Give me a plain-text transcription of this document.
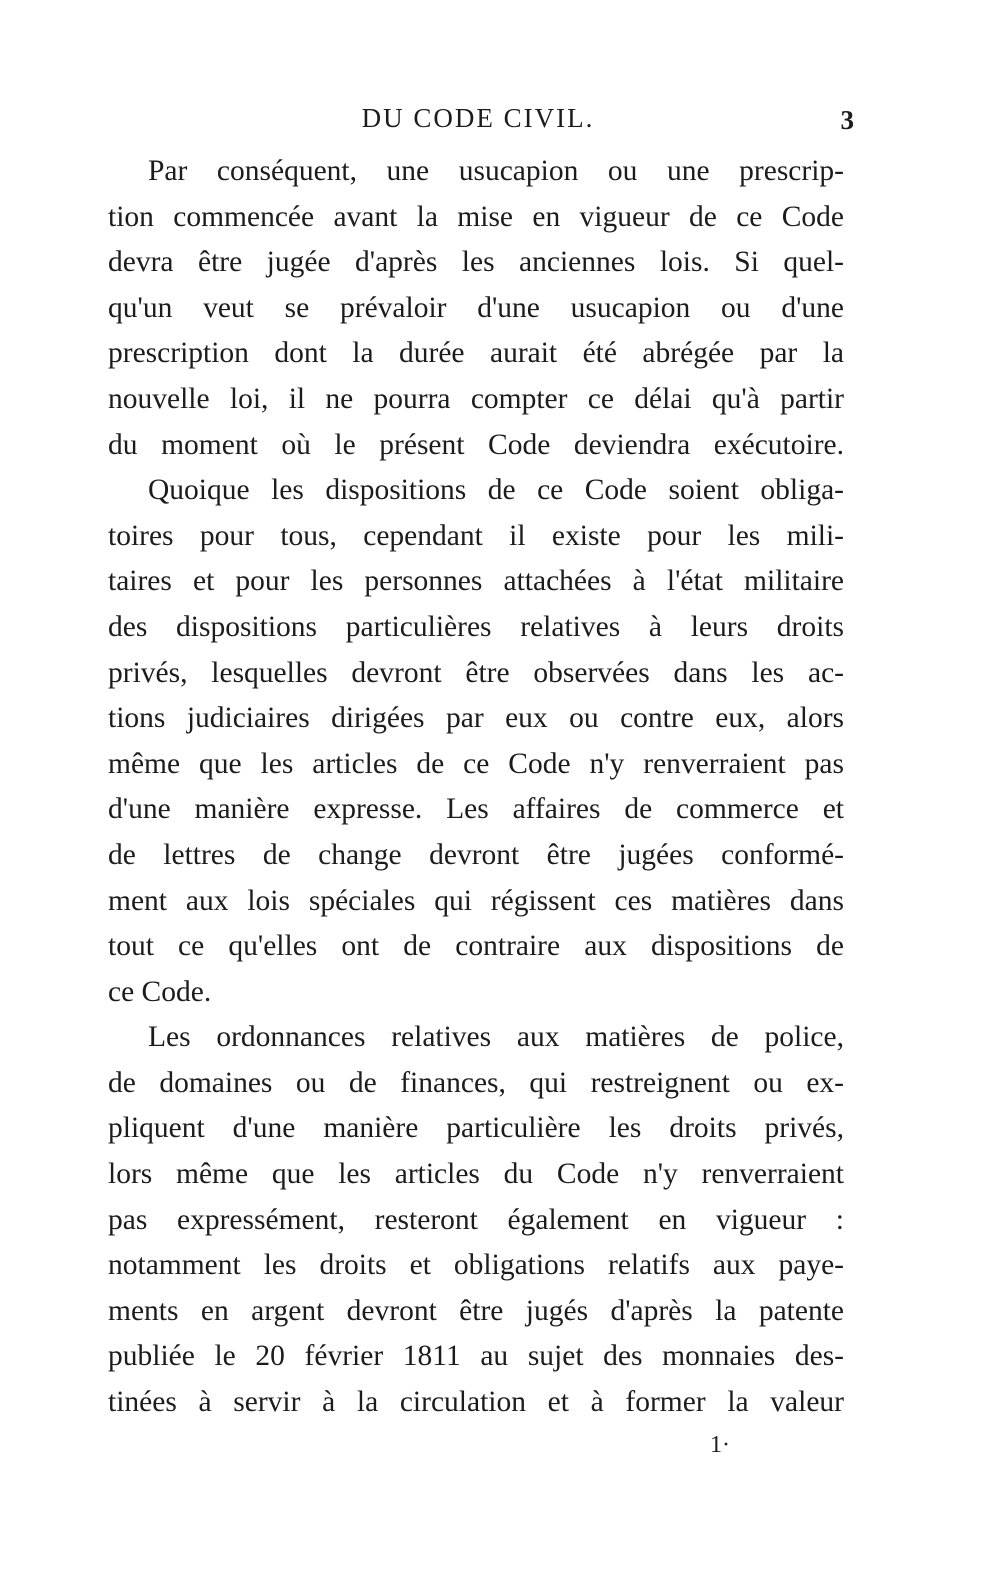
DU CODE CIVIL.	3
Par conséquent, une usucapion ou une prescrip-
tion commencée avant la mise en vigueur de ce Code
devra être jugée d'après les anciennes lois. Si quel-
qu'un veut se prévaloir d'une usucapion ou d'une
prescription dont la durée aurait été abrégée par la
nouvelle loi, il ne pourra compter ce délai qu'à partir
du moment où le présent Code deviendra exécutoire.
Quoique les dispositions de ce Code soient obliga-
toires pour tous, cependant il existe pour les mili-
taires et pour les personnes attachées à l'état militaire
des dispositions particulières relatives à leurs droits
privés, lesquelles devront être observées dans les ac-
tions judiciaires dirigées par eux ou contre eux, alors
même que les articles de ce Code n'y renverraient pas
d'une manière expresse. Les affaires de commerce et
de lettres de change devront être jugées conformé-
ment aux lois spéciales qui régissent ces matières dans
tout ce qu'elles ont de contraire aux dispositions de
ce Code.
Les ordonnances relatives aux matières de police,
de domaines ou de finances, qui restreignent ou ex-
pliquent d'une manière particulière les droits privés,
lors même que les articles du Code n'y renverraient
pas expressément, resteront également en vigueur :
notamment les droits et obligations relatifs aux paye-
ments en argent devront être jugés d'après la patente
publiée le 20 février 1811 au sujet des monnaies des-
tinées à servir à la circulation et à former la valeur
1·
